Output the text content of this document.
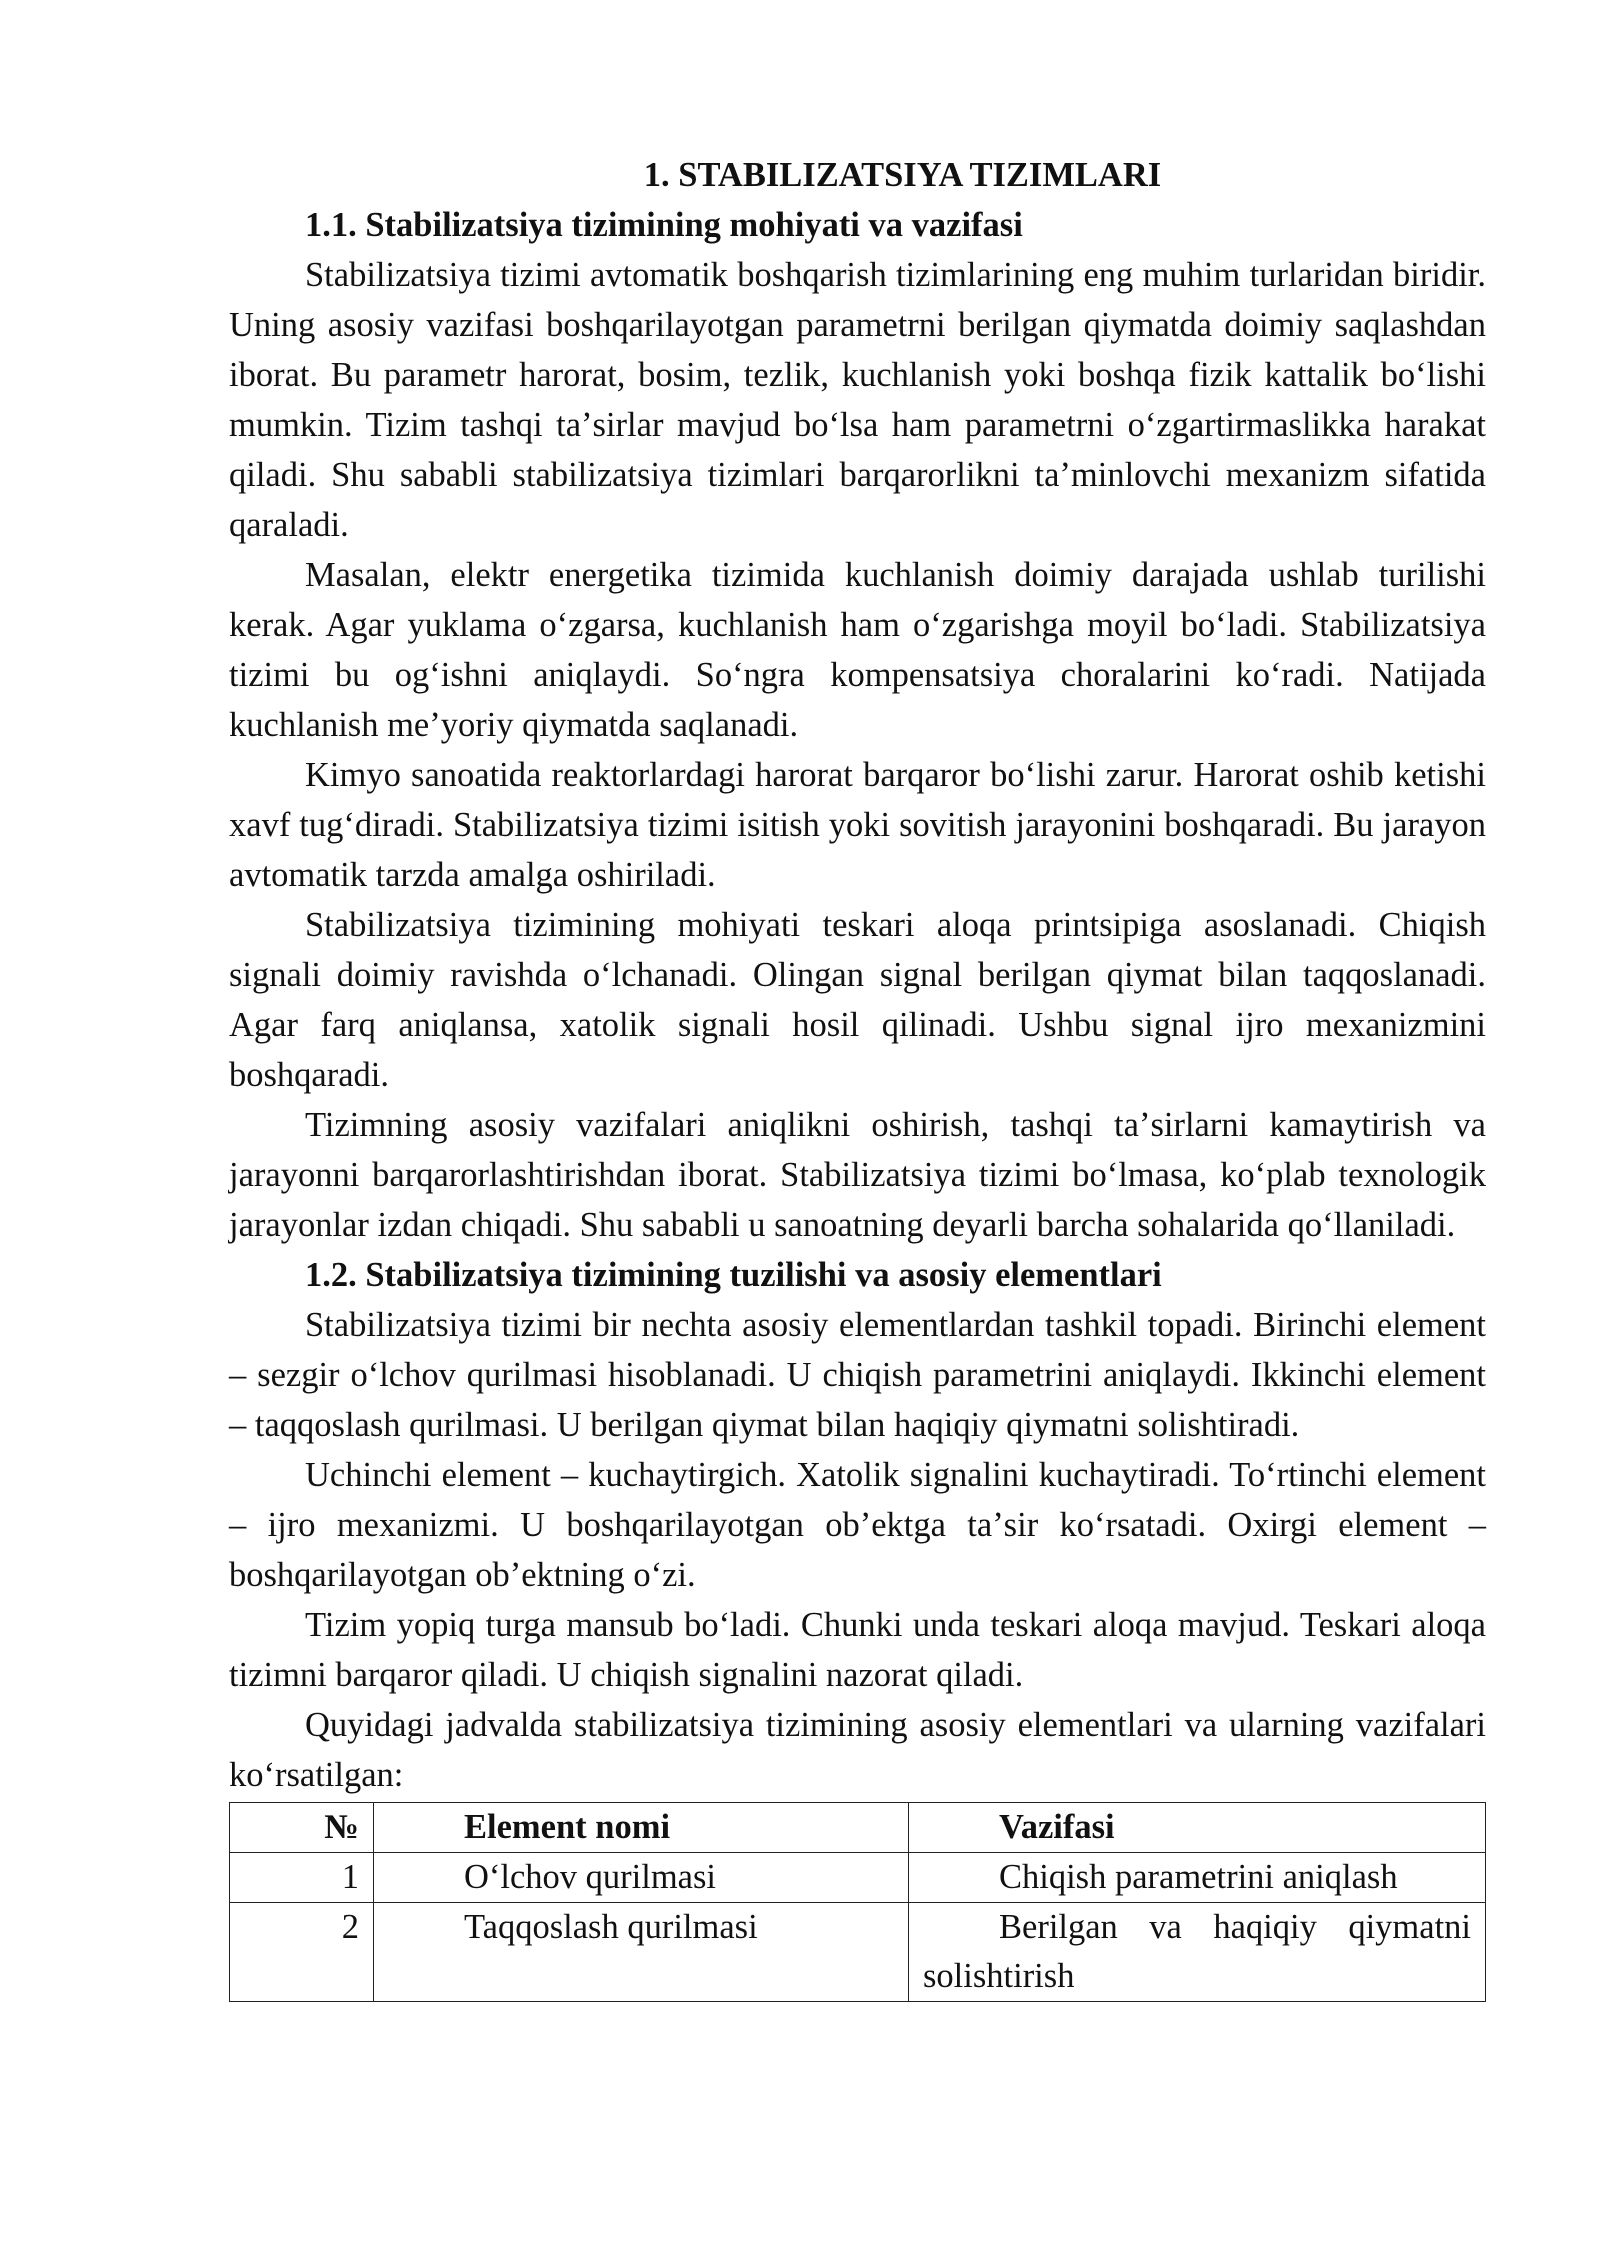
1. STABILIZATSIYA TIZIMLARI
1.1. Stabilizatsiya tizimining mohiyati va vazifasi

Stabilizatsiya tizimi avtomatik boshqarish tizimlarining eng muhim turlaridan biridir. Uning asosiy vazifasi boshqarilayotgan parametrni berilgan qiymatda doimiy saqlashdan iborat. Bu parametr harorat, bosim, tezlik, kuchlanish yoki boshqa fizik kattalik boʻlishi mumkin. Tizim tashqi taʼsirlar mavjud boʻlsa ham parametrni oʻzgartirmaslikka harakat qiladi. Shu sababli stabilizatsiya tizimlari barqarorlikni taʼminlovchi mexanizm sifatida qaraladi.

Masalan, elektr energetika tizimida kuchlanish doimiy darajada ushlab turilishi kerak. Agar yuklama oʻzgarsa, kuchlanish ham oʻzgarishga moyil boʻladi. Stabilizatsiya tizimi bu ogʻishni aniqlaydi. Soʻngra kompensatsiya choralarini koʻradi. Natijada kuchlanish meʼyoriy qiymatda saqlanadi.

Kimyo sanoatida reaktorlardagi harorat barqaror boʻlishi zarur. Harorat oshib ketishi xavf tugʻdiradi. Stabilizatsiya tizimi isitish yoki sovitish jarayonini boshqaradi. Bu jarayon avtomatik tarzda amalga oshiriladi.

Stabilizatsiya tizimining mohiyati teskari aloqa printsipiga asoslanadi. Chiqish signali doimiy ravishda oʻlchanadi. Olingan signal berilgan qiymat bilan taqqoslanadi. Agar farq aniqlansa, xatolik signali hosil qilinadi. Ushbu signal ijro mexanizmini boshqaradi.

Tizimning asosiy vazifalari aniqlikni oshirish, tashqi taʼsirlarni kamaytirish va jarayonni barqarorlashtirishdan iborat. Stabilizatsiya tizimi boʻlmasa, koʻplab texnologik jarayonlar izdan chiqadi. Shu sababli u sanoatning deyarli barcha sohalarida qoʻllaniladi.

1.2. Stabilizatsiya tizimining tuzilishi va asosiy elementlari

Stabilizatsiya tizimi bir nechta asosiy elementlardan tashkil topadi. Birinchi element – sezgir oʻlchov qurilmasi hisoblanadi. U chiqish parametrini aniqlaydi. Ikkinchi element – taqqoslash qurilmasi. U berilgan qiymat bilan haqiqiy qiymatni solishtiradi.

Uchinchi element – kuchaytirgich. Xatolik signalini kuchaytiradi. Toʻrtinchi element – ijro mexanizmi. U boshqarilayotgan obʼektga taʼsir koʻrsatadi. Oxirgi element – boshqarilayotgan obʼektning oʻzi.

Tizim yopiq turga mansub boʻladi. Chunki unda teskari aloqa mavjud. Teskari aloqa tizimni barqaror qiladi. U chiqish signalini nazorat qiladi.

Quyidagi jadvalda stabilizatsiya tizimining asosiy elementlari va ularning vazifalari koʻrsatilgan:

№	Element nomi	Vazifasi
1	Oʻlchov qurilmasi	Chiqish parametrini aniqlash
2	Taqqoslash qurilmasi	Berilgan va haqiqiy qiymatni solishtirish
